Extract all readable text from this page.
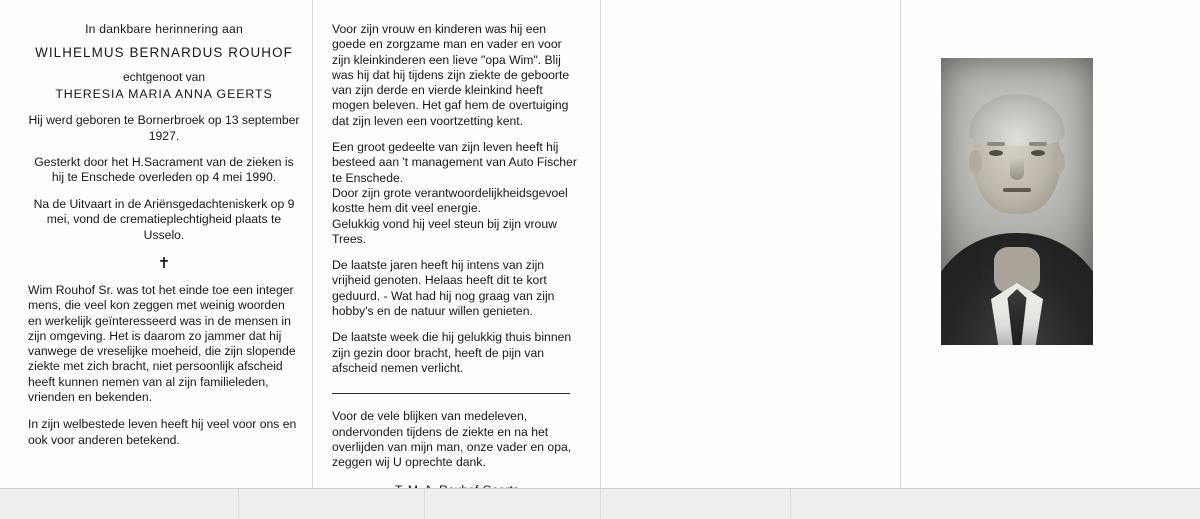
In dankbare herinnering aan
WILHELMUS BERNARDUS ROUHOF
echtgenoot van
THERESIA MARIA ANNA GEERTS
Hij werd geboren te Bornerbroek op 13 september 1927.
Gesterkt door het H.Sacrament van de zieken is hij te Enschede overleden op 4 mei 1990.
Na de Uitvaart in de Ariënsgedachteniskerk op 9 mei, vond de crematieplechtigheid plaats te Usselo.
✝
Wim Rouhof Sr. was tot het einde toe een integer mens, die veel kon zeggen met weinig woorden en werkelijk geïnteresseerd was in de mensen in zijn omgeving. Het is daarom zo jammer dat hij vanwege de vreselijke moeheid, die zijn slopende ziekte met zich bracht, niet persoonlijk afscheid heeft kunnen nemen van al zijn familieleden, vrienden en bekenden.
In zijn welbestede leven heeft hij veel voor ons en ook voor anderen betekend.

Voor zijn vrouw en kinderen was hij een goede en zorgzame man en vader en voor zijn kleinkinderen een lieve "opa Wim". Blij was hij dat hij tijdens zijn ziekte de geboorte van zijn derde en vierde kleinkind heeft mogen beleven. Het gaf hem de overtuiging dat zijn leven een voortzetting kent.

Een groot gedeelte van zijn leven heeft hij besteed aan 't management van Auto Fischer te Enschede.

Door zijn grote verantwoordelijkheidsgevoel kostte hem dit veel energie.

Gelukkig vond hij veel steun bij zijn vrouw Trees.

De laatste jaren heeft hij intens van zijn vrijheid genoten. Helaas heeft dit te kort geduurd. - Wat had hij nog graag van zijn hobby's en de natuur willen genieten.

De laatste week die hij gelukkig thuis binnen zijn gezin door bracht, heeft de pijn van afscheid nemen verlicht.

Voor de vele blijken van medeleven, ondervonden tijdens de ziekte en na het overlijden van mijn man, onze vader en opa, zeggen wij U oprechte dank.
